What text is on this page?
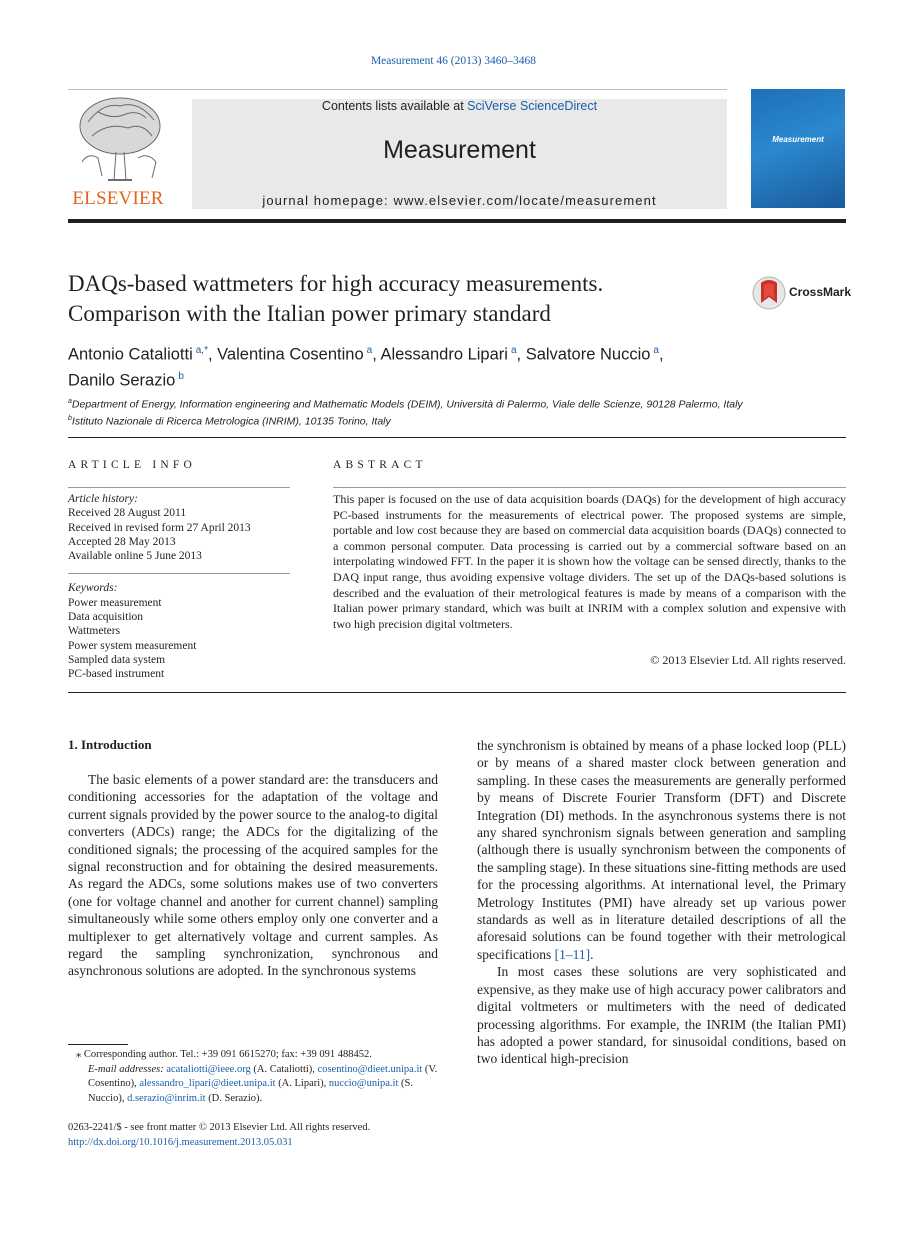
Measurement 46 (2013) 3460–3468
ELSEVIER
Contents lists available at SciVerse ScienceDirect
Measurement
journal homepage: www.elsevier.com/locate/measurement
Measurement
DAQs-based wattmeters for high accuracy measurements.
Comparison with the Italian power primary standard
CrossMark
Antonio Cataliotti $^{a,*}$, Valentina Cosentino $^a$, Alessandro Lipari $^a$, Salvatore Nuccio $^a$,
Danilo Serazio $^b$
$^a$Department of Energy, Information engineering and Mathematic Models (DEIM), Università di Palermo, Viale delle Scienze, 90128 Palermo, Italy
$^b$Istituto Nazionale di Ricerca Metrologica (INRIM), 10135 Torino, Italy
ARTICLE INFO
Article history:
Received 28 August 2011
Received in revised form 27 April 2013
Accepted 28 May 2013
Available online 5 June 2013
Keywords:
Power measurement
Data acquisition
Wattmeters
Power system measurement
Sampled data system
PC-based instrument
ABSTRACT
This paper is focused on the use of data acquisition boards (DAQs) for the development of high accuracy PC-based instruments for the measurements of electrical power. The proposed systems are simple, portable and low cost because they are based on commercial data acquisition boards (DAQs) connected to a common personal computer. Data processing is carried out by a commercial software based on an interpolating windowed FFT. In the paper it is shown how the voltage can be sensed directly, thanks to the DAQ input range, thus avoiding expensive voltage dividers. The set up of the DAQs-based solutions is described and the evaluation of their metrological features is made by means of a comparison with the Italian power primary standard, which was built at INRIM with a complex solution and expensive with two high precision digital voltmeters.
© 2013 Elsevier Ltd. All rights reserved.
1. Introduction

The basic elements of a power standard are: the transducers and conditioning accessories for the adaptation of the voltage and current signals provided by the power source to the analog-to digital converters (ADCs) range; the ADCs for the digitalizing of the conditioned signals; the processing of the acquired samples for the signal reconstruction and for obtaining the desired measurements. As regard the ADCs, some solutions makes use of two converters (one for voltage channel and another for current channel) sampling simultaneously while some others employ only one converter and a multiplexer to get alternatively voltage and current samples. As regard the sampling synchronization, synchronous and asynchronous solutions are adopted. In the synchronous systems

the synchronism is obtained by means of a phase locked loop (PLL) or by means of a shared master clock between generation and sampling. In these cases the measurements are generally performed by means of Discrete Fourier Transform (DFT) and Discrete Integration (DI) methods. In the asynchronous systems there is not any shared synchronism signals between generation and sampling (although there is usually synchronism between the components of the sampling stage). In these situations sine-fitting methods are used for the processing algorithms. At international level, the Primary Metrology Institutes (PMI) have already set up various power standards as well as in literature detailed descriptions of all the aforesaid solutions can be found together with their metrological specifications [1–11].

In most cases these solutions are very sophisticated and expensive, as they make use of high accuracy power calibrators and digital voltmeters or multimeters with the need of dedicated processing algorithms. For example, the INRIM (the Italian PMI) has adopted a power standard, for sinusoidal conditions, based on two identical high-precision

⁎ Corresponding author. Tel.: +39 091 6615270; fax: +39 091 488452.
E-mail addresses: acataliotti@ieee.org (A. Cataliotti), cosentino@dieet.unipa.it (V. Cosentino), alessandro_lipari@dieet.unipa.it (A. Lipari), nuccio@unipa.it (S. Nuccio), d.serazio@inrim.it (D. Serazio).
0263-2241/$ - see front matter © 2013 Elsevier Ltd. All rights reserved.
http://dx.doi.org/10.1016/j.measurement.2013.05.031
